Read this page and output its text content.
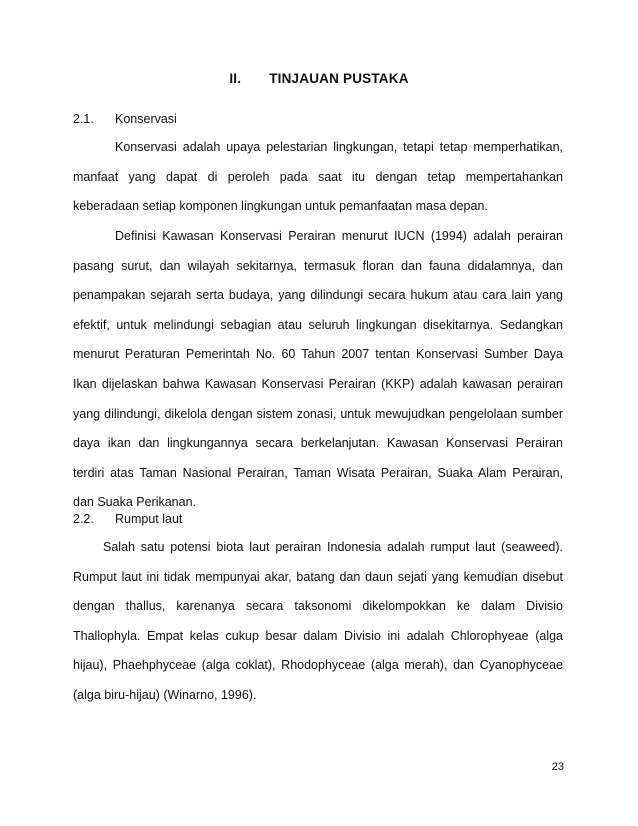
II. TINJAUAN PUSTAKA
2.1. Konservasi

Konservasi adalah upaya pelestarian lingkungan, tetapi tetap memperhatikan, manfaat yang dapat di peroleh pada saat itu dengan tetap mempertahankan keberadaan setiap komponen lingkungan untuk pemanfaatan masa depan.

Definisi Kawasan Konservasi Perairan menurut IUCN (1994) adalah perairan pasang surut, dan wilayah sekitarnya, termasuk floran dan fauna didalamnya, dan penampakan sejarah serta budaya, yang dilindungi secara hukum atau cara lain yang efektif, untuk melindungi sebagian atau seluruh lingkungan disekitarnya. Sedangkan menurut Peraturan Pemerintah No. 60 Tahun 2007 tentan Konservasi Sumber Daya Ikan dijelaskan bahwa Kawasan Konservasi Perairan (KKP) adalah kawasan perairan yang dilindungi, dikelola dengan sistem zonasi, untuk mewujudkan pengelolaan sumber daya ikan dan lingkungannya secara berkelanjutan. Kawasan Konservasi Perairan terdiri atas Taman Nasional Perairan, Taman Wisata Perairan, Suaka Alam Perairan, dan Suaka Perikanan.

2.2. Rumput laut

Salah satu potensi biota laut perairan Indonesia adalah rumput laut (seaweed). Rumput laut ini tidak mempunyai akar, batang dan daun sejati yang kemudian disebut dengan thallus, karenanya secara taksonomi dikelompokkan ke dalam Divisio Thallophyla. Empat kelas cukup besar dalam Divisio ini adalah Chlorophyeae (alga hijau), Phaehphyceae (alga coklat), Rhodophyceae (alga merah), dan Cyanophyceae (alga biru-hijau) (Winarno, 1996).

23
